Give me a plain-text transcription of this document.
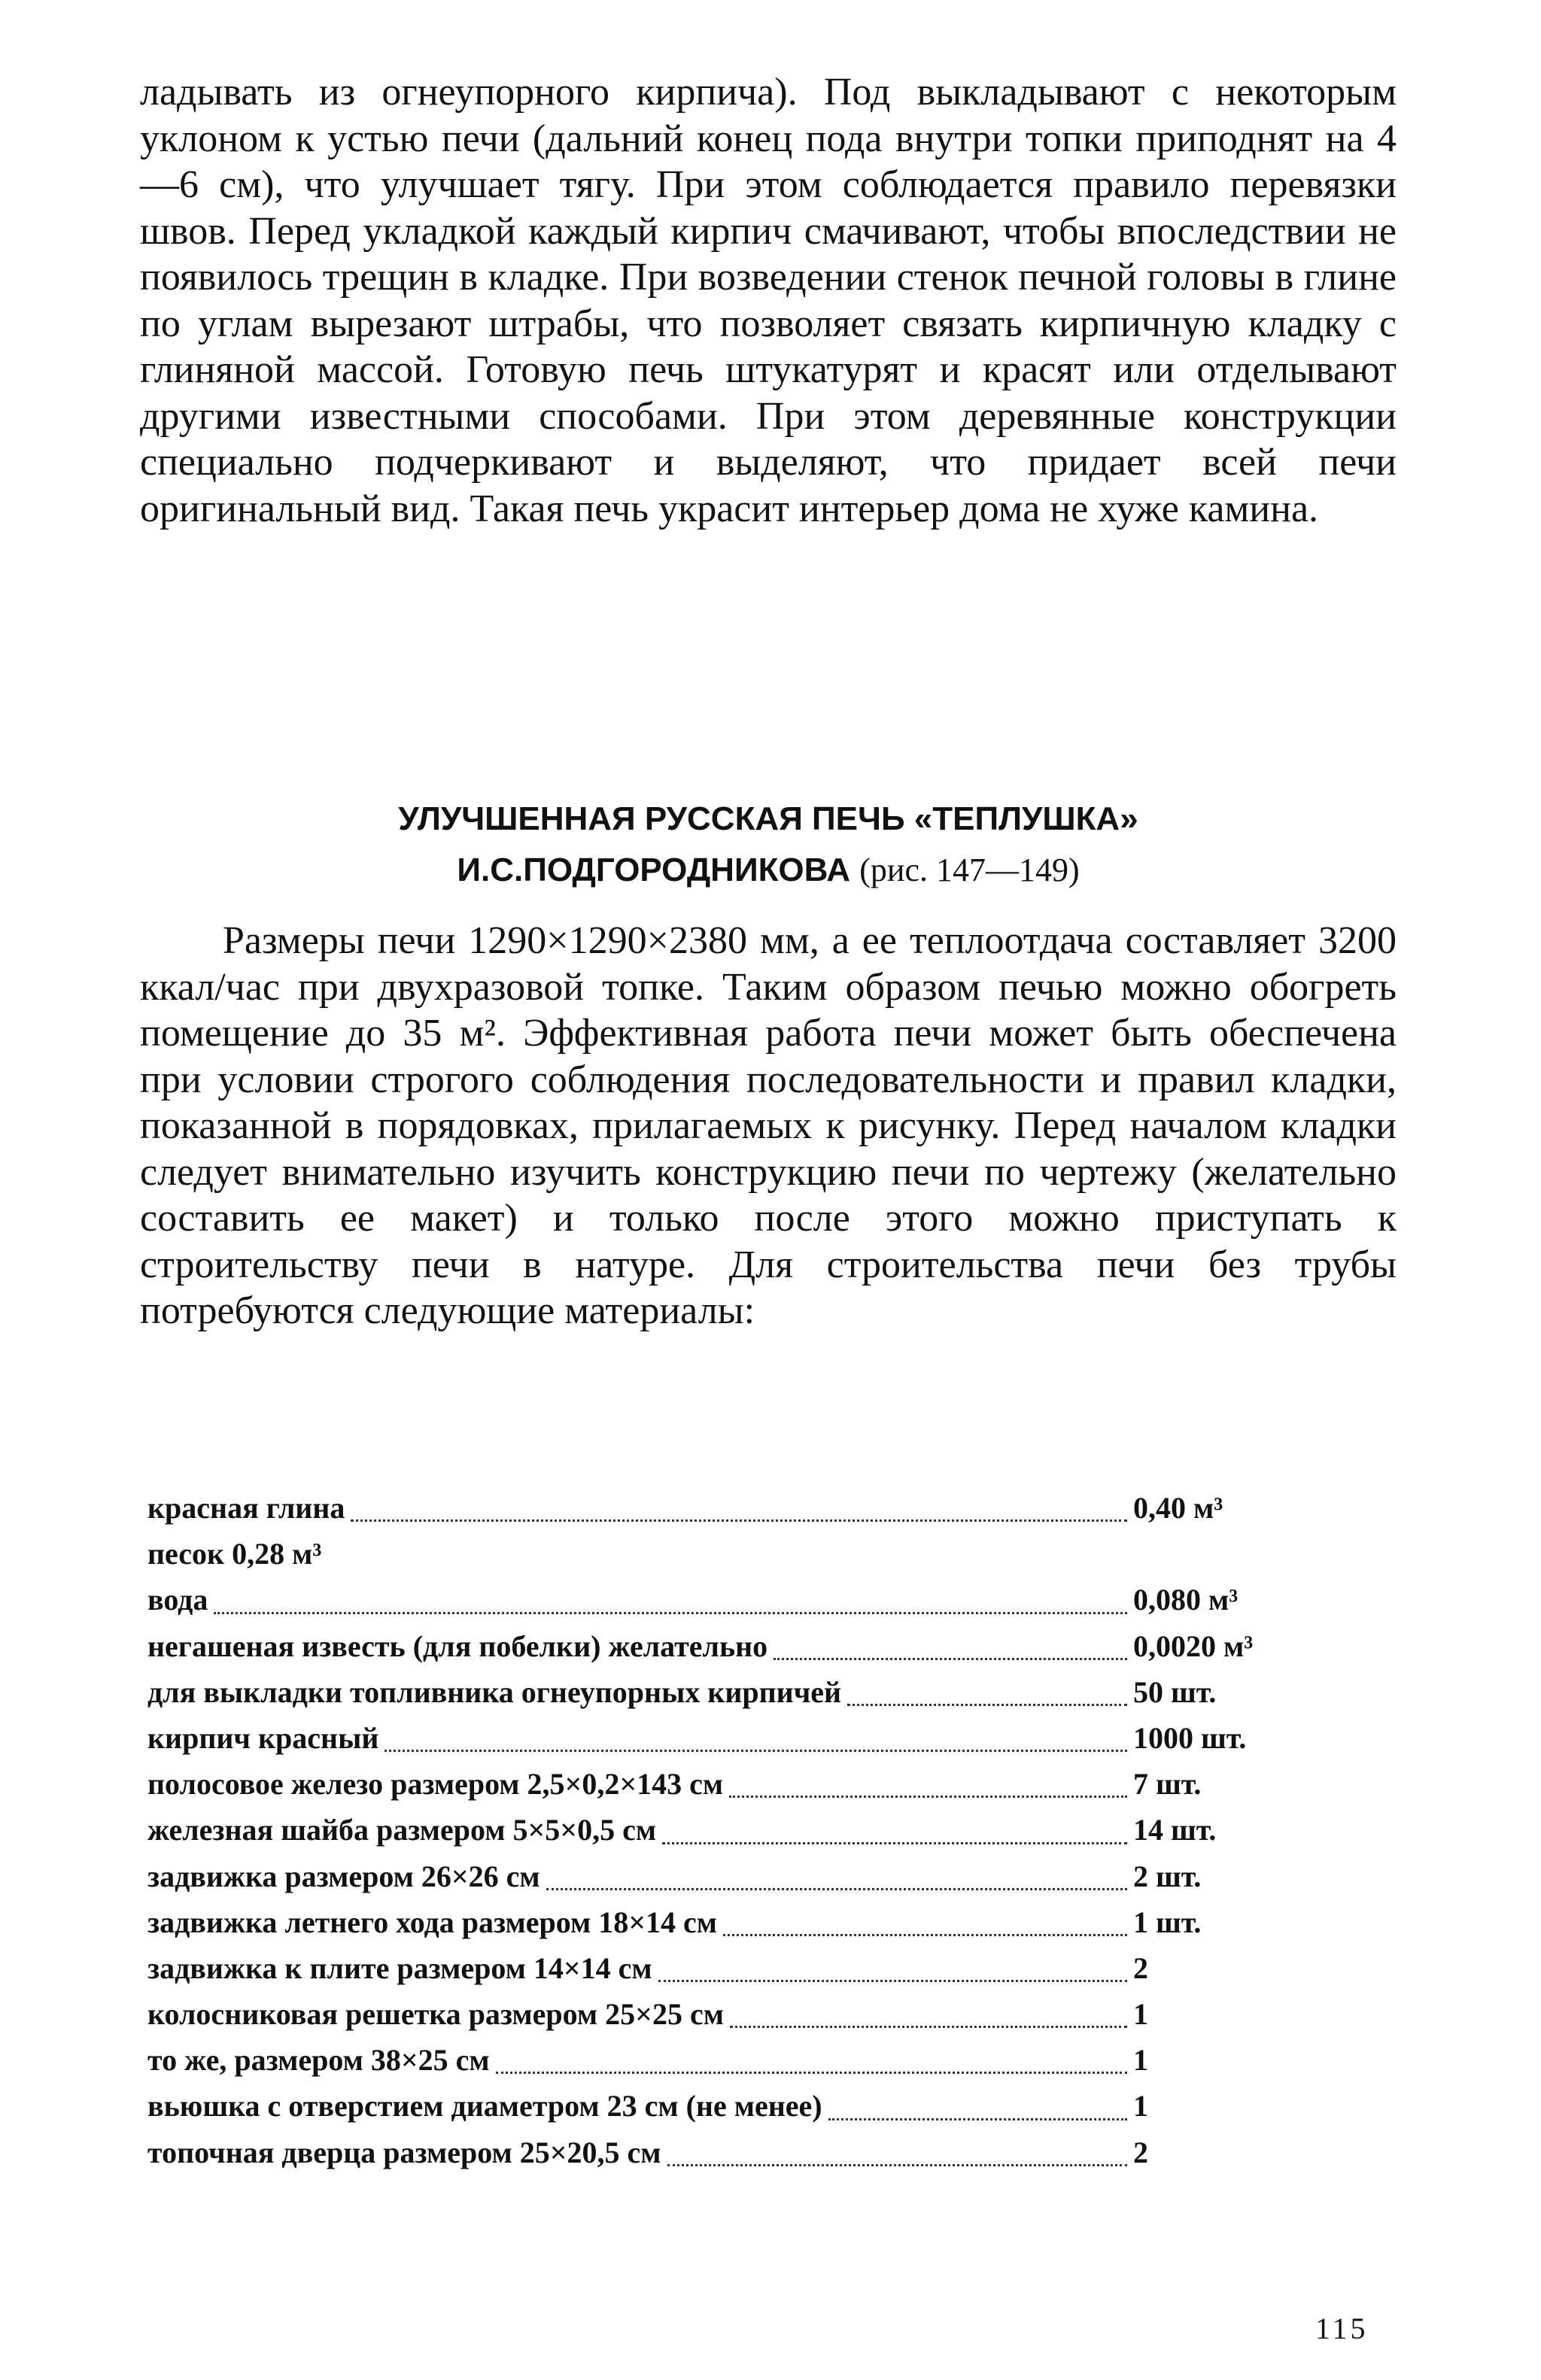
ладывать из огнеупорного кирпича). Под выкладывают с некоторым уклоном к устью печи (дальний конец пода внутри топки приподнят на 4—6 см), что улучшает тягу. При этом соблюдается правило перевязки швов. Перед укладкой каждый кирпич смачивают, чтобы впоследствии не появилось трещин в кладке. При возведении стенок печной головы в глине по углам вырезают штрабы, что позволяет связать кирпичную кладку с глиняной массой. Готовую печь штукатурят и красят или отделывают другими известными способами. При этом деревянные конструкции специально подчеркивают и выделяют, что придает всей печи оригинальный вид. Такая печь украсит интерьер дома не хуже камина.
УЛУЧШЕННАЯ РУССКАЯ ПЕЧЬ «ТЕПЛУШКА»
И.С.ПОДГОРОДНИКОВА (рис. 147—149)
Размеры печи 1290×1290×2380 мм, а ее теплоотдача составляет 3200 ккал/час при двухразовой топке. Таким образом печью можно обогреть помещение до 35 м². Эффективная работа печи может быть обеспечена при условии строгого соблюдения последовательности и правил кладки, показанной в порядовках, прилагаемых к рисунку. Перед началом кладки следует внимательно изучить конструкцию печи по чертежу (желательно составить ее макет) и только после этого можно приступать к строительству печи в натуре. Для строительства печи без трубы потребуются следующие материалы:
красная глина	0,40 м³
песок 0,28 м³
вода	0,080 м³
негашеная известь (для побелки) желательно	0,0020 м³
для выкладки топливника огнеупорных кирпичей	50 шт.
кирпич красный	1000 шт.
полосовое железо размером 2,5×0,2×143 см	7 шт.
железная шайба размером 5×5×0,5 см	14 шт.
задвижка размером 26×26 см	2 шт.
задвижка летнего хода размером 18×14 см	1 шт.
задвижка к плите размером 14×14 см	2
колосниковая решетка размером 25×25 см	1
то же, размером 38×25 см	1
вьюшка с отверстием диаметром 23 см (не менее)	1
топочная дверца размером 25×20,5 см	2
115
